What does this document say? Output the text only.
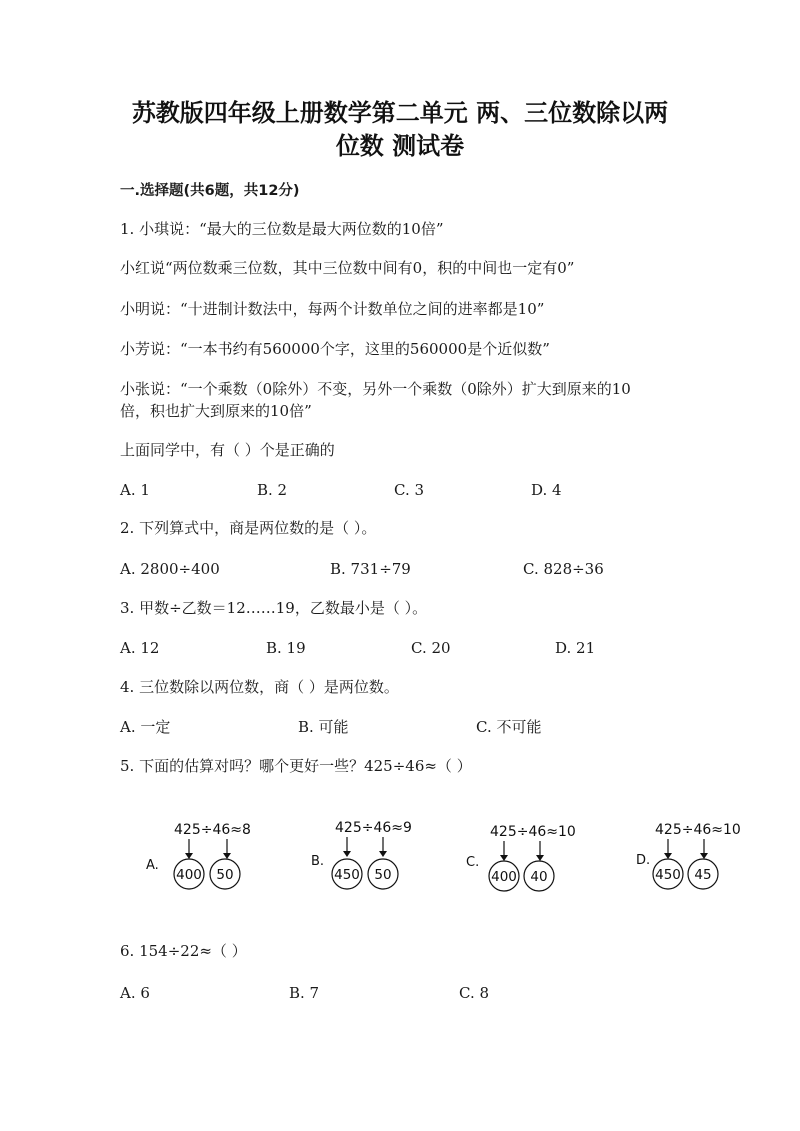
苏教版四年级上册数学第二单元 两、三位数除以两
位数 测试卷
一.选择题(共6题，共12分)
1. 小琪说：“最大的三位数是最大两位数的10倍”
小红说“两位数乘三位数，其中三位数中间有0，积的中间也一定有0”
小明说：“十进制计数法中，每两个计数单位之间的进率都是10”
小芳说：“一本书约有560000个字，这里的560000是个近似数”
小张说：“一个乘数（0除外）不变，另外一个乘数（0除外）扩大到原来的10
倍，积也扩大到原来的10倍”
上面同学中，有（ ）个是正确的
A. 1	B. 2	C. 3	D. 4
2. 下列算式中，商是两位数的是（ ）。
A. 2800÷400	B. 731÷79	C. 828÷36
3. 甲数÷乙数＝12……19，乙数最小是（ ）。
A. 12	B. 19	C. 20	D. 21
4. 三位数除以两位数，商（ ）是两位数。
A. 一定	B. 可能	C. 不可能
5. 下面的估算对吗？哪个更好一些？425÷46≈（ ）
A.
425÷46≈8
400 50
B.
425÷46≈9
450 50
C.
425÷46≈10
400 40
D.
425÷46≈10
450 45
6. 154÷22≈（ ）
A. 6	B. 7	C. 8
